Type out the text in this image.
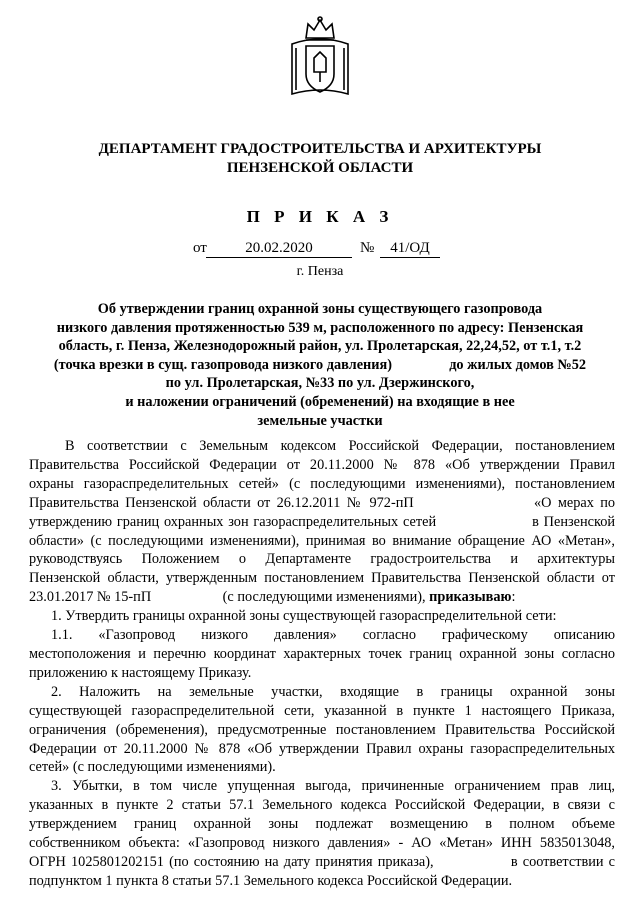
ДЕПАРТАМЕНТ ГРАДОСТРОИТЕЛЬСТВА И АРХИТЕКТУРЫ
ПЕНЗЕНСКОЙ ОБЛАСТИ
П Р И К А З
от	20.02.2020	№	41/ОД
г. Пенза
Об утверждении границ охранной зоны существующего газопровода
низкого давления протяженностью 539 м, расположенного по адресу: Пензенская
область, г. Пенза, Железнодорожный район, ул. Пролетарская, 22,24,52, от т.1, т.2
(точка врезки в сущ. газопровода низкого давления)                до жилых домов №52
по ул. Пролетарская, №33 по ул. Дзержинского,
и наложении ограничений (обременений) на входящие в нее
земельные участки

В соответствии с Земельным кодексом Российской Федерации, постановлением

Правительства Российской Федерации от 20.11.2000 № 878 «Об утверждении Правил

охраны газораспределительных сетей» (с последующими изменениями), постановлением

Правительства Пензенской области от 26.12.2011 № 972-пП                   «О мерах по

утверждению границ охранных зон газораспределительных сетей                    в Пензенской

области» (с последующими изменениями), принимая во внимание обращение АО «Метан»,

руководствуясь Положением о Департаменте градостроительства и архитектуры

Пензенской области, утвержденным постановлением Правительства Пензенской области от

23.01.2017 № 15-пП                    (с последующими изменениями), приказываю:

1. Утвердить границы охранной зоны существующей газораспределительной сети:

1.1. «Газопровод низкого давления» согласно графическому описанию

местоположения и перечню координат характерных точек границ охранной зоны согласно

приложению к настоящему Приказу.

2. Наложить на земельные участки, входящие в границы охранной зоны

существующей газораспределительной сети, указанной в пункте 1 настоящего Приказа,

ограничения (обременения), предусмотренные постановлением Правительства Российской

Федерации от 20.11.2000 № 878 «Об утверждении Правил охраны газораспределительных

сетей» (с последующими изменениями).

3. Убытки, в том числе упущенная выгода, причиненные ограничением прав лиц,

указанных в пункте 2 статьи 57.1 Земельного кодекса Российской Федерации, в связи с

утверждением границ охранной зоны подлежат возмещению в полном объеме

собственником объекта: «Газопровод низкого давления» - АО «Метан» ИНН 5835013048,

ОГРН 1025801202151 (по состоянию на дату принятия приказа),               в соответствии с

подпунктом 1 пункта 8 статьи 57.1 Земельного кодекса Российской Федерации.
